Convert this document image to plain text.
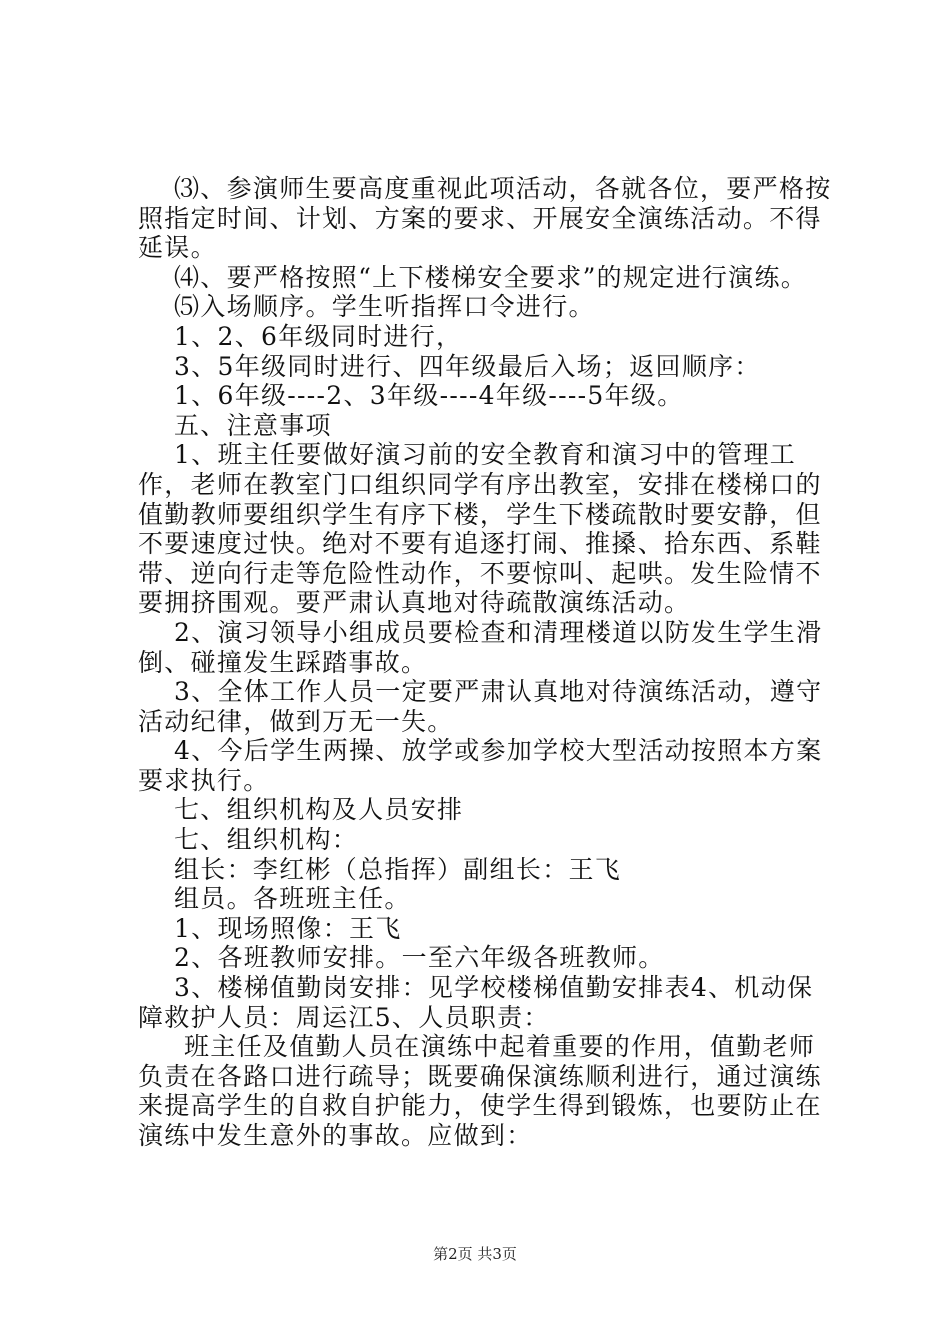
⑶、参演师生要高度重视此项活动，各就各位，要严格按照指定时间、计划、方案的要求、开展安全演练活动。不得延误。

⑷、要严格按照“上下楼梯安全要求”的规定进行演练。

⑸入场顺序。学生听指挥口令进行。

1、2、6年级同时进行，

3、5年级同时进行、四年级最后入场；返回顺序：

1、6年级----2、3年级----4年级----5年级。

五、注意事项

1、班主任要做好演习前的安全教育和演习中的管理工作，老师在教室门口组织同学有序出教室，安排在楼梯口的值勤教师要组织学生有序下楼，学生下楼疏散时要安静，但不要速度过快。绝对不要有追逐打闹、推搡、拾东西、系鞋带、逆向行走等危险性动作，不要惊叫、起哄。发生险情不要拥挤围观。要严肃认真地对待疏散演练活动。

2、演习领导小组成员要检查和清理楼道以防发生学生滑倒、碰撞发生踩踏事故。

3、全体工作人员一定要严肃认真地对待演练活动，遵守活动纪律，做到万无一失。

4、今后学生两操、放学或参加学校大型活动按照本方案要求执行。

七、组织机构及人员安排

七、组织机构：

组长：李红彬（总指挥）副组长：王飞

组员。各班班主任。

1、现场照像：王飞

2、各班教师安排。一至六年级各班教师。

3、楼梯值勤岗安排：见学校楼梯值勤安排表4、机动保障救护人员：周运江5、人员职责：

班主任及值勤人员在演练中起着重要的作用，值勤老师负责在各路口进行疏导；既要确保演练顺利进行，通过演练来提高学生的自救自护能力，使学生得到锻炼，也要防止在演练中发生意外的事故。应做到：

第2页 共3页
